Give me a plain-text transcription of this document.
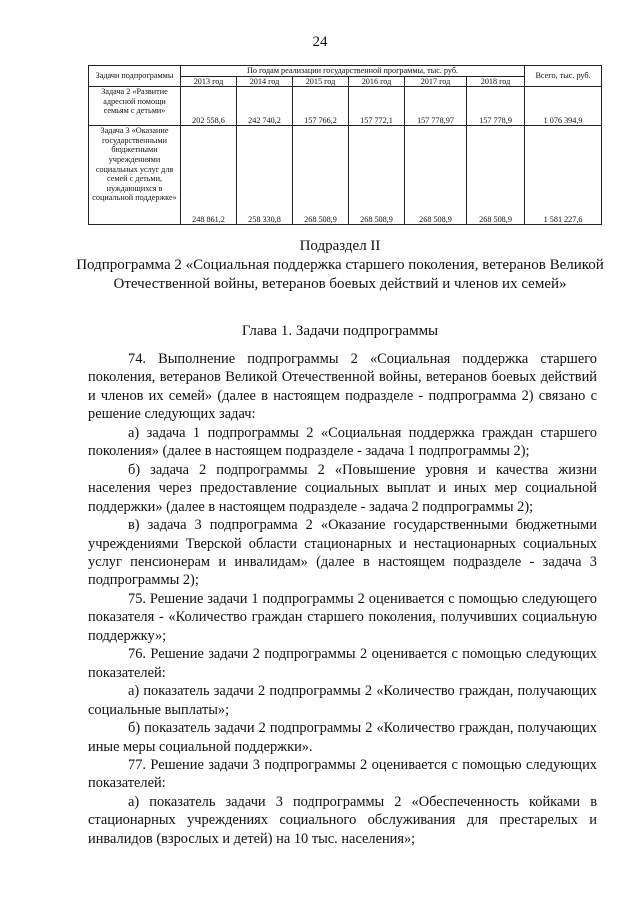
24
Задачи подпрограммы	По годам реализации государственной программы, тыс. руб.						Всего, тыс. руб.
	2013 год	2014 год	2015 год	2016 год	2017 год	2018 год	
Задача 2 «Развитие адресной помощи семьям с детьми»	202 558,6	242 740,2	157 766,2	157 772,1	157 778,97	157 778,9	1 076 394,9
Задача 3 «Оказание государственными бюджетными учреждениями социальных услуг для семей с детьми, нуждающихся в социальной поддержке»	248 861,2	258 330,8	268 508,9	268 508,9	268 508,9	268 508,9	1 581 227,6
Подраздел II
Подпрограмма 2 «Социальная поддержка старшего поколения, ветеранов Великой Отечественной войны, ветеранов боевых действий и членов их семей»
Глава 1. Задачи подпрограммы

74. Выполнение подпрограммы 2 «Социальная поддержка старшего поколения, ветеранов Великой Отечественной войны, ветеранов боевых действий и членов их семей» (далее в настоящем подразделе - подпрограмма 2) связано с решение следующих задач:

а) задача 1 подпрограммы 2 «Социальная поддержка граждан старшего поколения» (далее в настоящем подразделе - задача 1 подпрограммы 2);

б) задача 2 подпрограммы 2 «Повышение уровня и качества жизни населения через предоставление социальных выплат и иных мер социальной поддержки» (далее в настоящем подразделе - задача 2 подпрограммы 2);

в) задача 3 подпрограмма 2 «Оказание государственными бюджетными учреждениями Тверской области стационарных и нестационарных социальных услуг пенсионерам и инвалидам» (далее в настоящем подразделе - задача 3 подпрограммы 2);

75. Решение задачи 1 подпрограммы 2 оценивается с помощью следующего показателя - «Количество граждан старшего поколения, получивших социальную поддержку»;

76. Решение задачи 2 подпрограммы 2 оценивается с помощью следующих показателей:

а) показатель задачи 2 подпрограммы 2 «Количество граждан, получающих социальные выплаты»;

б) показатель задачи 2 подпрограммы 2 «Количество граждан, получающих иные меры социальной поддержки».

77. Решение задачи 3 подпрограммы 2 оценивается с помощью следующих показателей:

а) показатель задачи 3 подпрограммы 2 «Обеспеченность койками в стационарных учреждениях социального обслуживания для престарелых и инвалидов (взрослых и детей) на 10 тыс. населения»;
